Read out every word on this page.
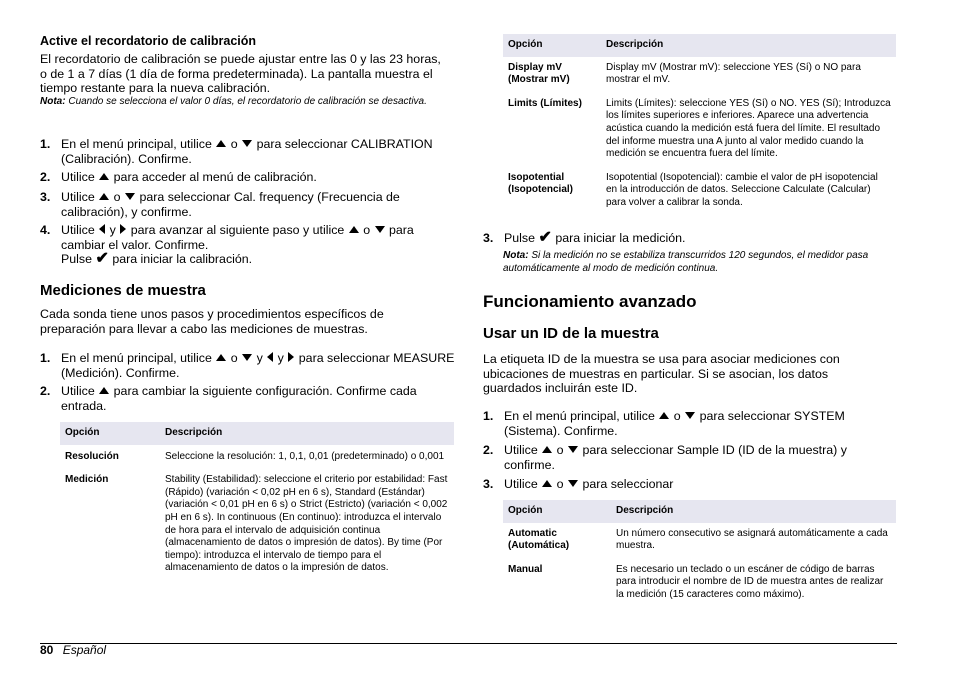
Active el recordatorio de calibración

El recordatorio de calibración se puede ajustar entre las 0 y las 23 horas, o de 1 a 7 días (1 día de forma predeterminada). La pantalla muestra el tiempo restante para la nueva calibración.

Nota: Cuando se selecciona el valor 0 días, el recordatorio de calibración se desactiva.

1. En el menú principal, utilice o para seleccionar CALIBRATION (Calibración). Confirme.
2. Utilice para acceder al menú de calibración.
3. Utilice o para seleccionar Cal. frequency (Frecuencia de calibración), y confirme.
4. Utilice y para avanzar al siguiente paso y utilice o para cambiar el valor. Confirme.
Pulse ✔ para iniciar la calibración.
Mediciones de muestra

Cada sonda tiene unos pasos y procedimientos específicos de preparación para llevar a cabo las mediciones de muestras.

1. En el menú principal, utilice o y y para seleccionar MEASURE (Medición). Confirme.
2. Utilice para cambiar la siguiente configuración. Confirme cada entrada.
Opción	Descripción
Resolución	Seleccione la resolución: 1, 0,1, 0,01 (predeterminado) o 0,001
Medición	Stability (Estabilidad): seleccione el criterio por estabilidad: Fast (Rápido) (variación < 0,02 pH en 6 s), Standard (Estándar) (variación < 0,01 pH en 6 s) o Strict (Estricto) (variación < 0,002 pH en 6 s). In continuous (En continuo): introduzca el intervalo de hora para el intervalo de adquisición continua (almacenamiento de datos o impresión de datos). By time (Por tiempo): introduzca el intervalo de tiempo para el almacenamiento de datos o la impresión de datos.
Opción	Descripción
Display mV (Mostrar mV)	Display mV (Mostrar mV): seleccione YES (Sí) o NO para mostrar el mV.
Limits (Límites)	Limits (Límites): seleccione YES (Sí) o NO. YES (Sí); Introduzca los límites superiores e inferiores. Aparece una advertencia acústica cuando la medición está fuera del límite. El resultado del informe muestra una A junto al valor medido cuando la medición se encuentra fuera del límite.
Isopotential (Isopotencial)	Isopotential (Isopotencial): cambie el valor de pH isopotencial en la introducción de datos. Seleccione Calculate (Calcular) para volver a calibrar la sonda.
3. Pulse ✔ para iniciar la medición.

Nota: Si la medición no se estabiliza transcurridos 120 segundos, el medidor pasa automáticamente al modo de medición continua.

Funcionamiento avanzado
Usar un ID de la muestra

La etiqueta ID de la muestra se usa para asociar mediciones con ubicaciones de muestras en particular. Si se asocian, los datos guardados incluirán este ID.

1. En el menú principal, utilice o para seleccionar SYSTEM (Sistema). Confirme.
2. Utilice o para seleccionar Sample ID (ID de la muestra) y confirme.
3. Utilice o para seleccionar
Opción	Descripción
Automatic (Automática)	Un número consecutivo se asignará automáticamente a cada muestra.
Manual	Es necesario un teclado o un escáner de código de barras para introducir el nombre de ID de muestra antes de realizar la medición (15 caracteres como máximo).
80 Español
